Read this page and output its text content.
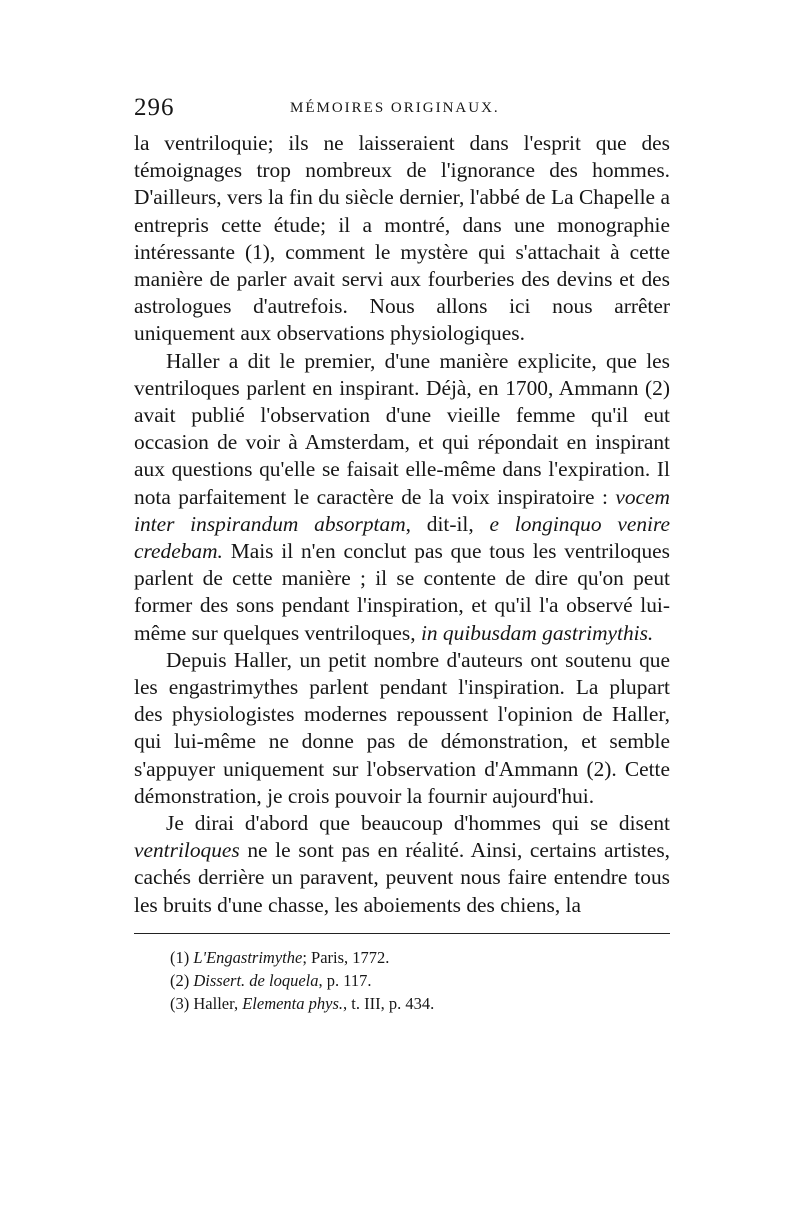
296	MÉMOIRES ORIGINAUX.

la ventriloquie; ils ne laisseraient dans l'esprit que des témoignages trop nombreux de l'ignorance des hommes. D'ailleurs, vers la fin du siècle dernier, l'abbé de La Chapelle a entrepris cette étude; il a montré, dans une monographie intéressante (1), comment le mystère qui s'attachait à cette manière de parler avait servi aux fourberies des devins et des astrologues d'autrefois. Nous allons ici nous arrêter uniquement aux observations physiologiques.

Haller a dit le premier, d'une manière explicite, que les ventriloques parlent en inspirant. Déjà, en 1700, Ammann (2) avait publié l'observation d'une vieille femme qu'il eut occasion de voir à Amsterdam, et qui répondait en inspirant aux questions qu'elle se faisait elle-même dans l'expiration. Il nota parfaitement le caractère de la voix inspiratoire : vocem inter inspirandum absorptam, dit-il, e longinquo venire credebam. Mais il n'en conclut pas que tous les ventriloques parlent de cette manière ; il se contente de dire qu'on peut former des sons pendant l'inspiration, et qu'il l'a observé lui-même sur quelques ventriloques, in quibusdam gastrimythis.

Depuis Haller, un petit nombre d'auteurs ont soutenu que les engastrimythes parlent pendant l'inspiration. La plupart des physiologistes modernes repoussent l'opinion de Haller, qui lui-même ne donne pas de démonstration, et semble s'appuyer uniquement sur l'observation d'Ammann (2). Cette démonstration, je crois pouvoir la fournir aujourd'hui.

Je dirai d'abord que beaucoup d'hommes qui se disent ventriloques ne le sont pas en réalité. Ainsi, certains artistes, cachés derrière un paravent, peuvent nous faire entendre tous les bruits d'une chasse, les aboiements des chiens, la

(1) L'Engastrimythe; Paris, 1772.
(2) Dissert. de loquela, p. 117.
(3) Haller, Elementa phys., t. III, p. 434.
